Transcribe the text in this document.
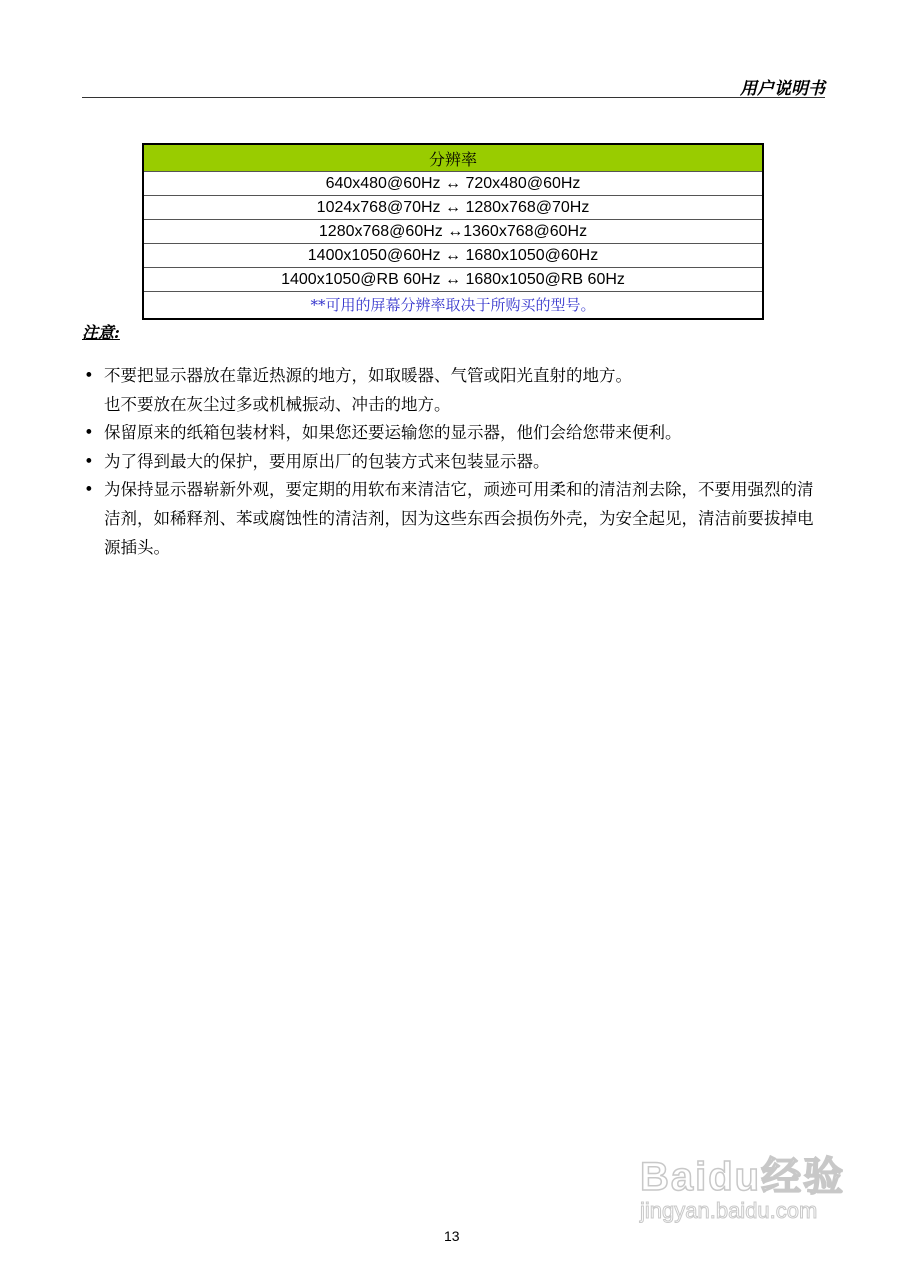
用户说明书
分辨率
640x480@60Hz ↔ 720x480@60Hz
1024x768@70Hz ↔ 1280x768@70Hz
1280x768@60Hz ↔1360x768@60Hz
1400x1050@60Hz ↔ 1680x1050@60Hz
1400x1050@RB 60Hz ↔ 1680x1050@RB 60Hz
**可用的屏幕分辨率取决于所购买的型号。
注意:
• 不要把显示器放在靠近热源的地方，如取暖器、气管或阳光直射的地方。
也不要放在灰尘过多或机械振动、冲击的地方。
• 保留原来的纸箱包装材料，如果您还要运输您的显示器，他们会给您带来便利。
• 为了得到最大的保护，要用原出厂的包装方式来包装显示器。
• 为保持显示器崭新外观，要定期的用软布来清洁它，顽迹可用柔和的清洁剂去除，不要用强烈的清洁剂，如稀释剂、苯或腐蚀性的清洁剂，因为这些东西会损伤外壳，为安全起见，清洁前要拔掉电源插头。
Baidu经验
jingyan.baidu.com
13
